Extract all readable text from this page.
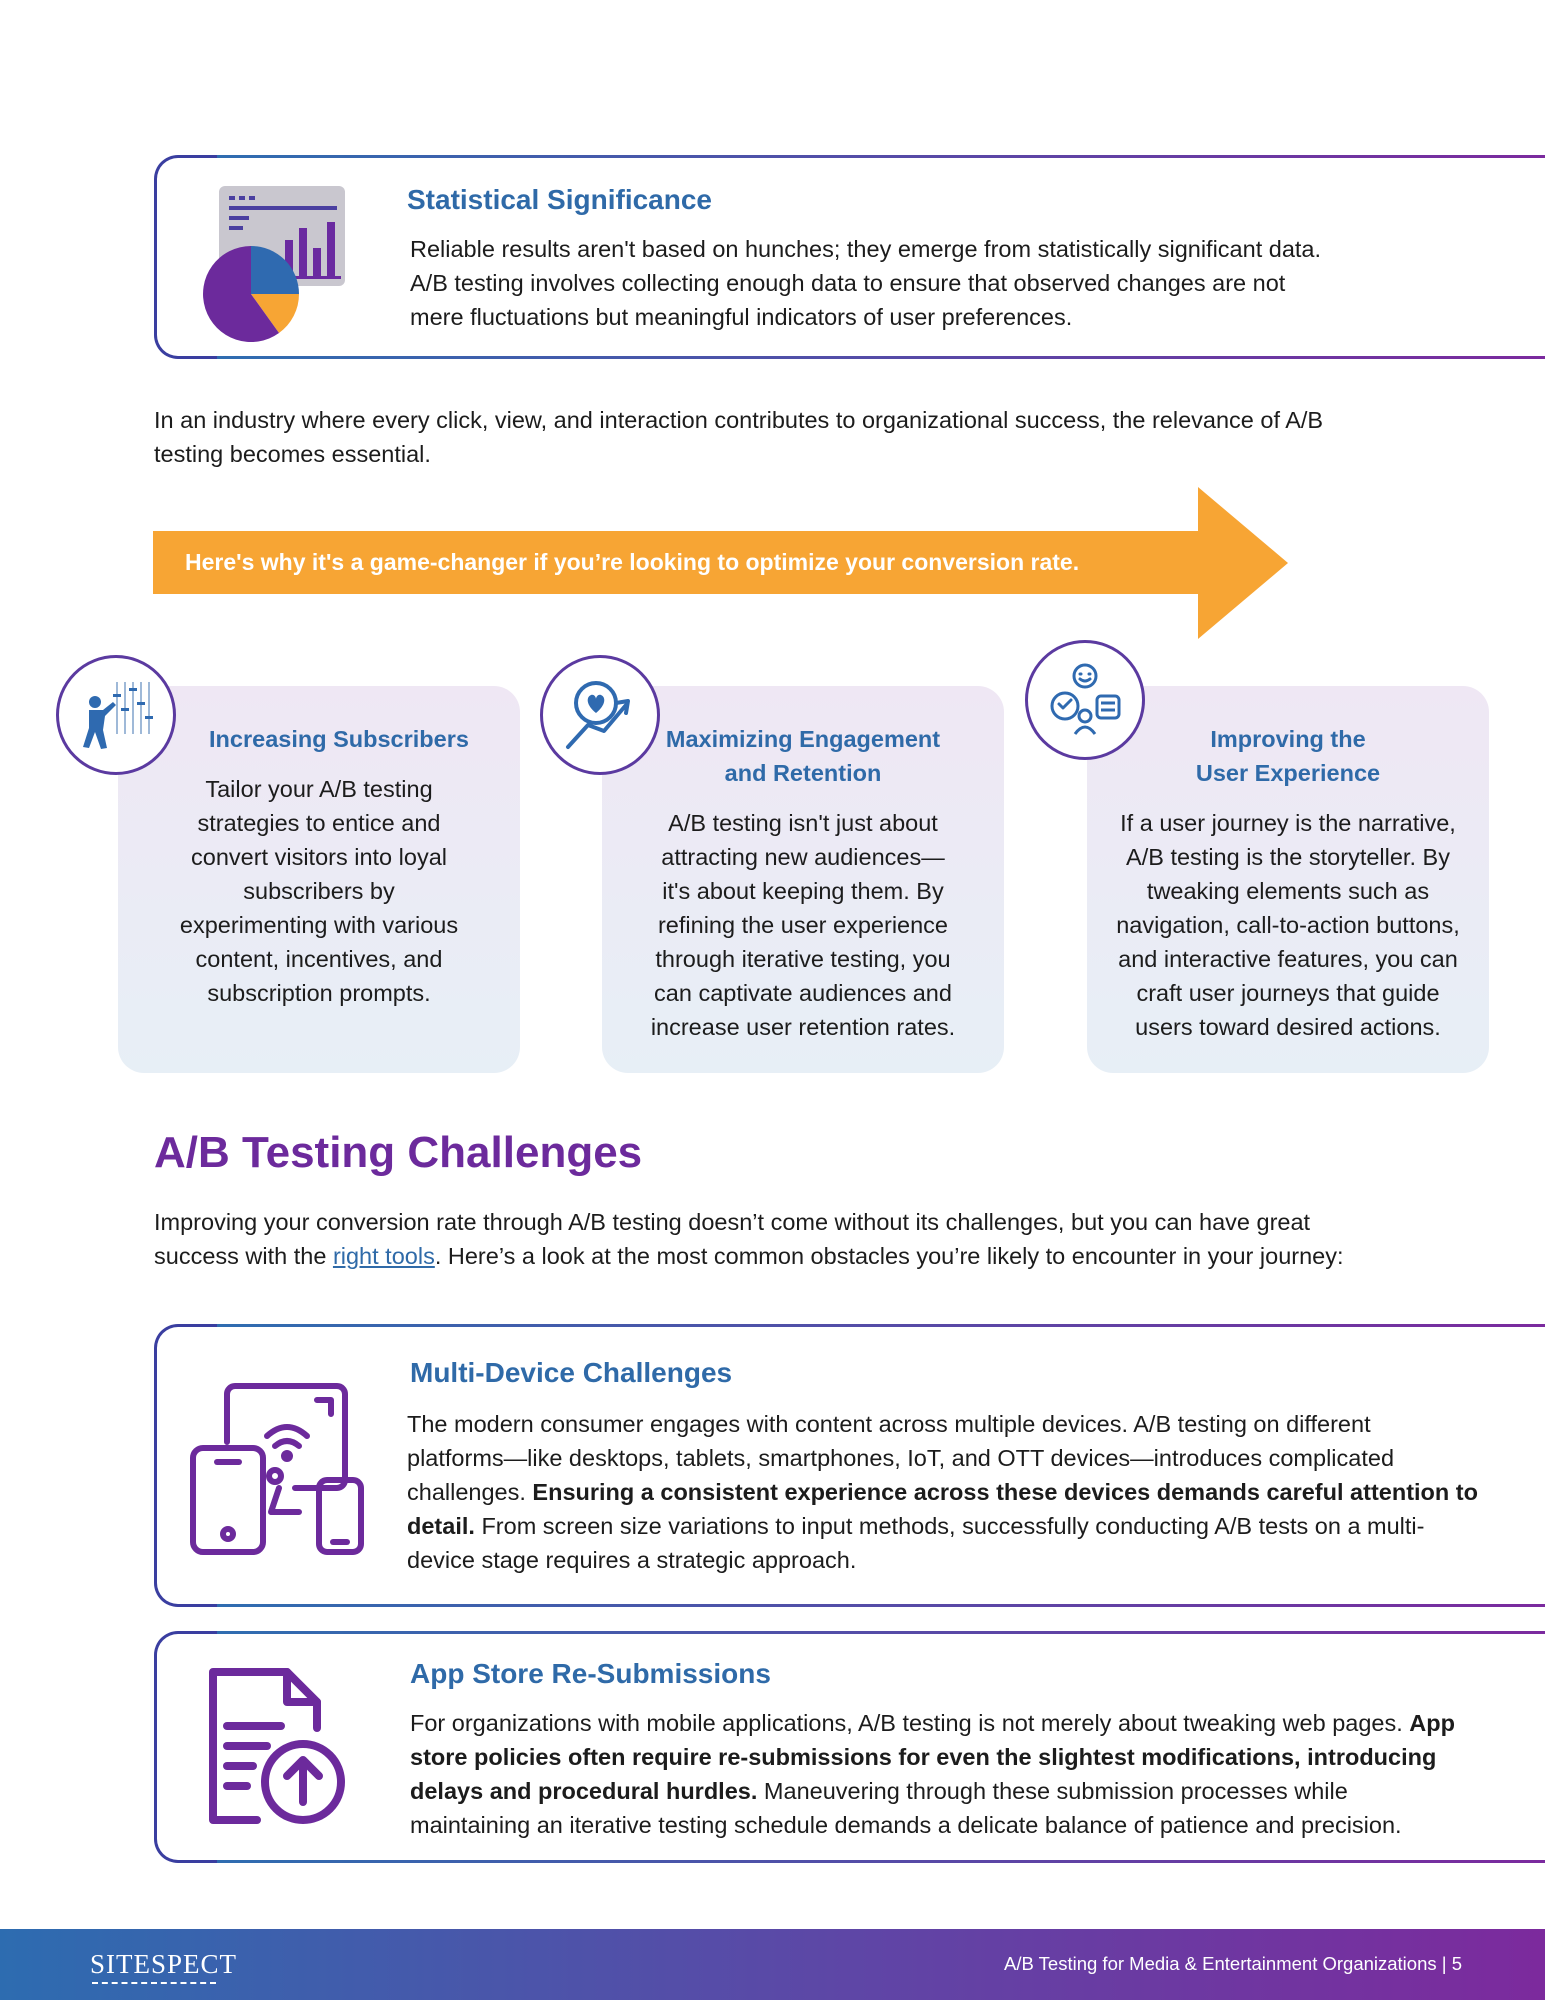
Statistical Significance
Reliable results aren't based on hunches; they emerge from statistically significant data.
A/B testing involves collecting enough data to ensure that observed changes are not
mere fluctuations but meaningful indicators of user preferences.
In an industry where every click, view, and interaction contributes to organizational success, the relevance of A/B
testing becomes essential.
Here's why it's a game-changer if you’re looking to optimize your conversion rate.
Increasing Subscribers
Tailor your A/B testing
strategies to entice and
convert visitors into loyal
subscribers by
experimenting with various
content, incentives, and
subscription prompts.
Maximizing Engagement
and Retention
A/B testing isn't just about
attracting new audiences—
it's about keeping them. By
refining the user experience
through iterative testing, you
can captivate audiences and
increase user retention rates.
Improving the
User Experience
If a user journey is the narrative,
A/B testing is the storyteller. By
tweaking elements such as
navigation, call-to-action buttons,
and interactive features, you can
craft user journeys that guide
users toward desired actions.
A/B Testing Challenges
Improving your conversion rate through A/B testing doesn’t come without its challenges, but you can have great
success with the right tools. Here’s a look at the most common obstacles you’re likely to encounter in your journey:
Multi-Device Challenges
The modern consumer engages with content across multiple devices. A/B testing on different
platforms—like desktops, tablets, smartphones, IoT, and OTT devices—introduces complicated
challenges. Ensuring a consistent experience across these devices demands careful attention to
detail. From screen size variations to input methods, successfully conducting A/B tests on a multi-
device stage requires a strategic approach.
App Store Re-Submissions
For organizations with mobile applications, A/B testing is not merely about tweaking web pages. App
store policies often require re-submissions for even the slightest modifications, introducing
delays and procedural hurdles. Maneuvering through these submission processes while
maintaining an iterative testing schedule demands a delicate balance of patience and precision.
SITESPECT	A/B Testing for Media & Entertainment Organizations | 5
